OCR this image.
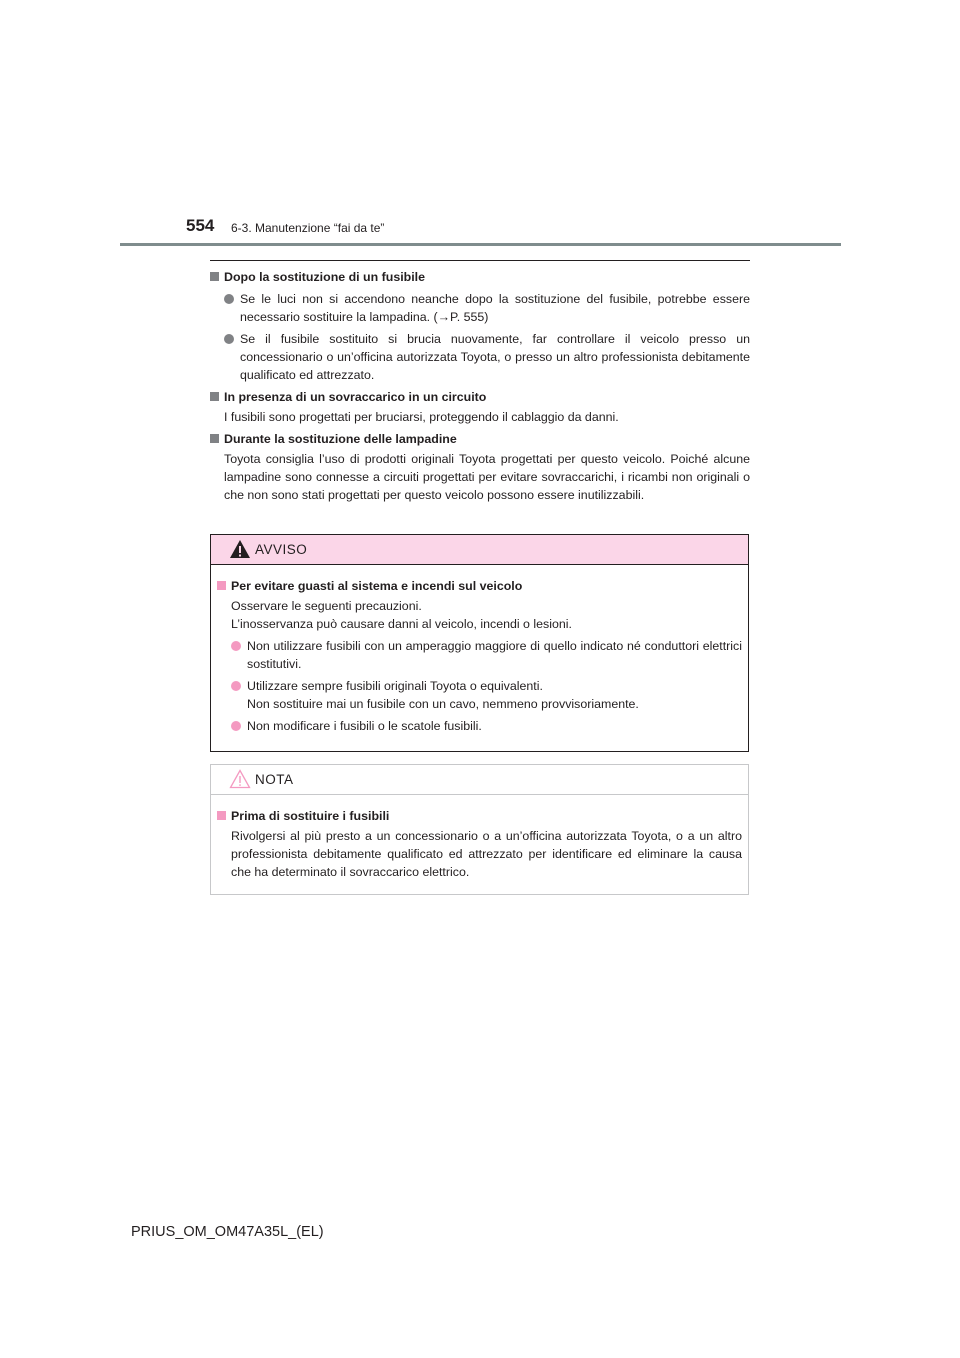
554 6-3. Manutenzione “fai da te”
Dopo la sostituzione di un fusibile
Se le luci non si accendono neanche dopo la sostituzione del fusibile, potrebbe essere necessario sostituire la lampadina. (→P. 555)
Se il fusibile sostituito si brucia nuovamente, far controllare il veicolo presso un concessionario o un’officina autorizzata Toyota, o presso un altro professionista debitamente qualificato ed attrezzato.
In presenza di un sovraccarico in un circuito
I fusibili sono progettati per bruciarsi, proteggendo il cablaggio da danni.
Durante la sostituzione delle lampadine
Toyota consiglia l’uso di prodotti originali Toyota progettati per questo veicolo. Poiché alcune lampadine sono connesse a circuiti progettati per evitare sovraccarichi, i ricambi non originali o che non sono stati progettati per questo veicolo possono essere inutilizzabili.
AVVISO
Per evitare guasti al sistema e incendi sul veicolo
Osservare le seguenti precauzioni.
L’inosservanza può causare danni al veicolo, incendi o lesioni.
Non utilizzare fusibili con un amperaggio maggiore di quello indicato né conduttori elettrici sostitutivi.
Utilizzare sempre fusibili originali Toyota o equivalenti.
Non sostituire mai un fusibile con un cavo, nemmeno provvisoriamente.
Non modificare i fusibili o le scatole fusibili.
NOTA
Prima di sostituire i fusibili
Rivolgersi al più presto a un concessionario o a un’officina autorizzata Toyota, o a un altro professionista debitamente qualificato ed attrezzato per identificare ed eliminare la causa che ha determinato il sovraccarico elettrico.
PRIUS_OM_OM47A35L_(EL)
